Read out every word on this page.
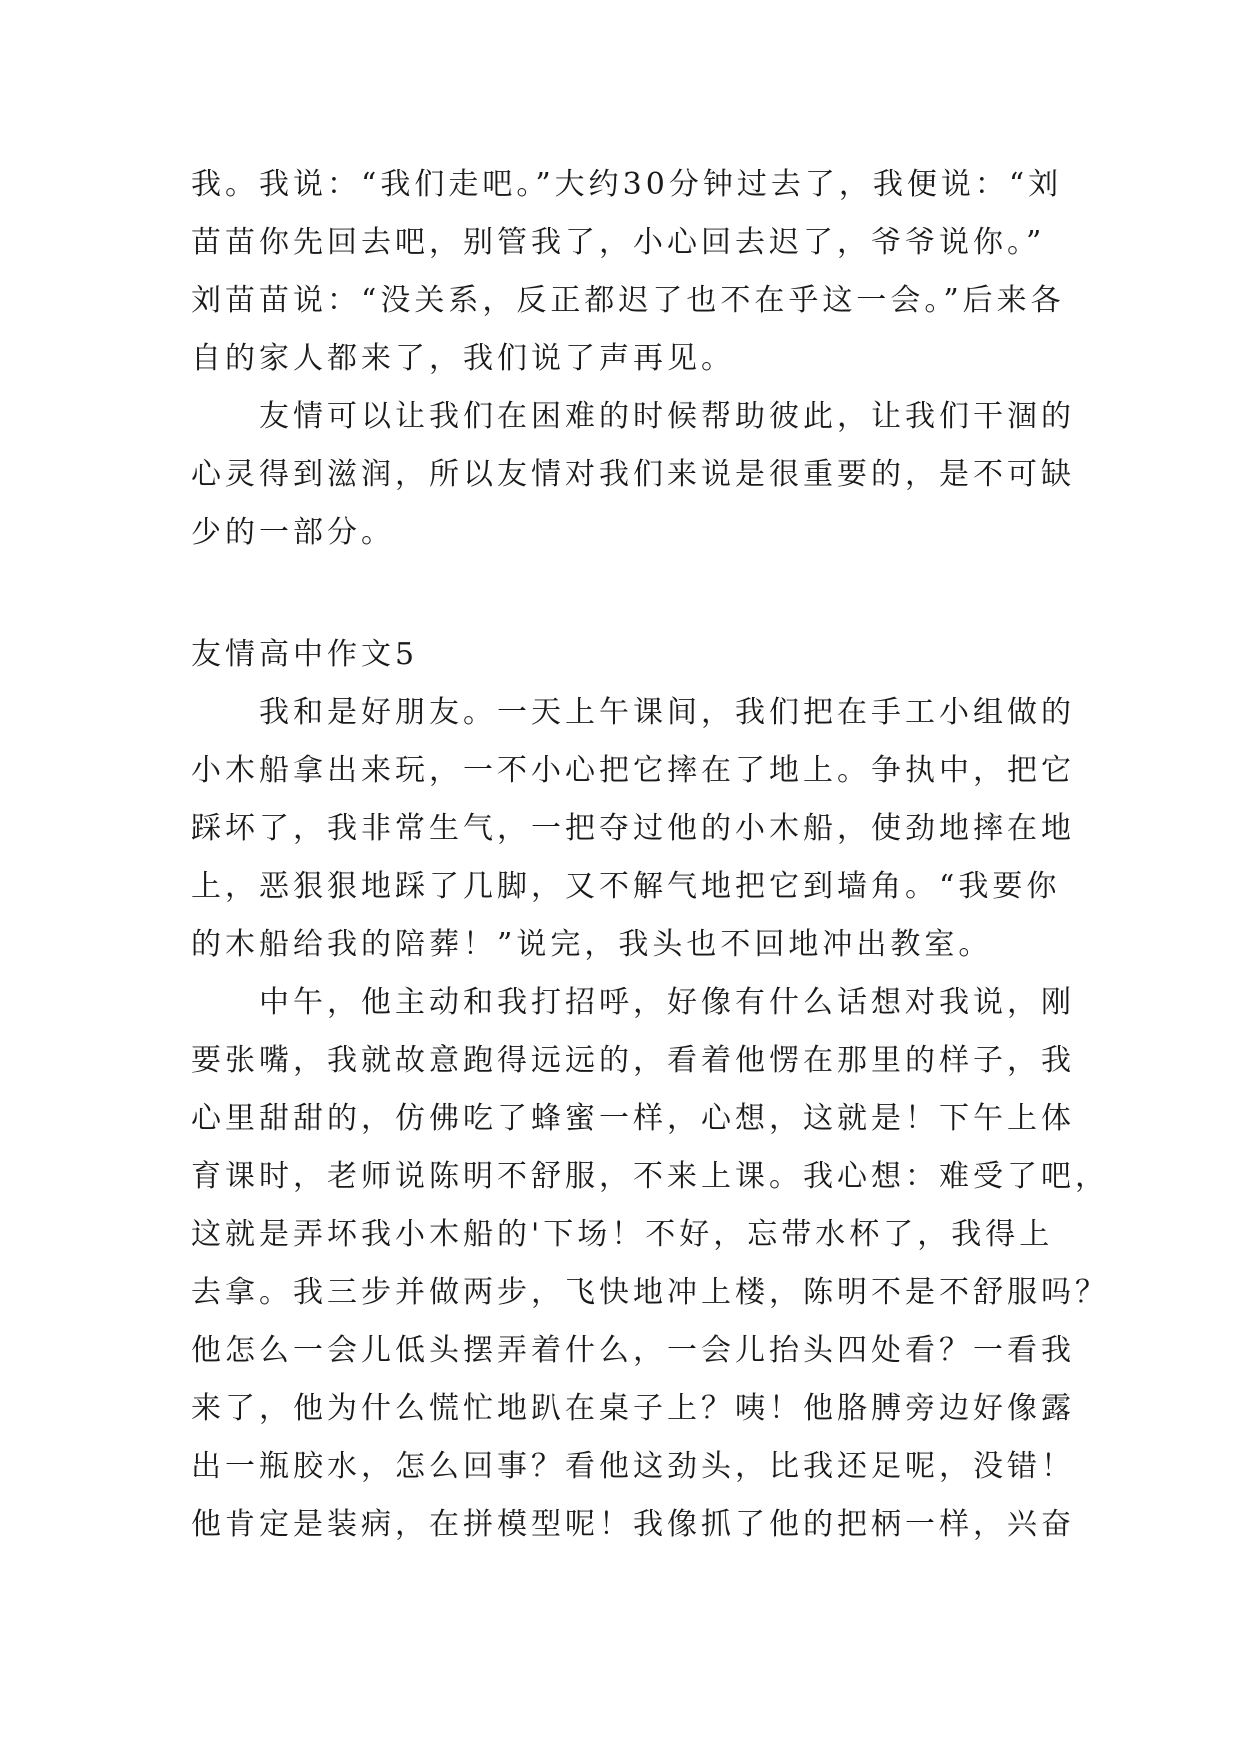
我。我说：“我们走吧。”大约30分钟过去了，我便说：“刘
苗苗你先回去吧，别管我了，小心回去迟了，爷爷说你。”
刘苗苗说：“没关系，反正都迟了也不在乎这一会。”后来各
自的家人都来了，我们说了声再见。
友情可以让我们在困难的时候帮助彼此，让我们干涸的
心灵得到滋润，所以友情对我们来说是很重要的，是不可缺
少的一部分。
友情高中作文5
我和是好朋友。一天上午课间，我们把在手工小组做的
小木船拿出来玩，一不小心把它摔在了地上。争执中，把它
踩坏了，我非常生气，一把夺过他的小木船，使劲地摔在地
上，恶狠狠地踩了几脚，又不解气地把它到墙角。“我要你
的木船给我的陪葬！”说完，我头也不回地冲出教室。
中午，他主动和我打招呼，好像有什么话想对我说，刚
要张嘴，我就故意跑得远远的，看着他愣在那里的样子，我
心里甜甜的，仿佛吃了蜂蜜一样，心想，这就是！下午上体
育课时，老师说陈明不舒服，不来上课。我心想：难受了吧，
这就是弄坏我小木船的'下场！不好，忘带水杯了，我得上
去拿。我三步并做两步，飞快地冲上楼，陈明不是不舒服吗？
他怎么一会儿低头摆弄着什么，一会儿抬头四处看？一看我
来了，他为什么慌忙地趴在桌子上？咦！他胳膊旁边好像露
出一瓶胶水，怎么回事？看他这劲头，比我还足呢，没错！
他肯定是装病，在拼模型呢！我像抓了他的把柄一样，兴奋
